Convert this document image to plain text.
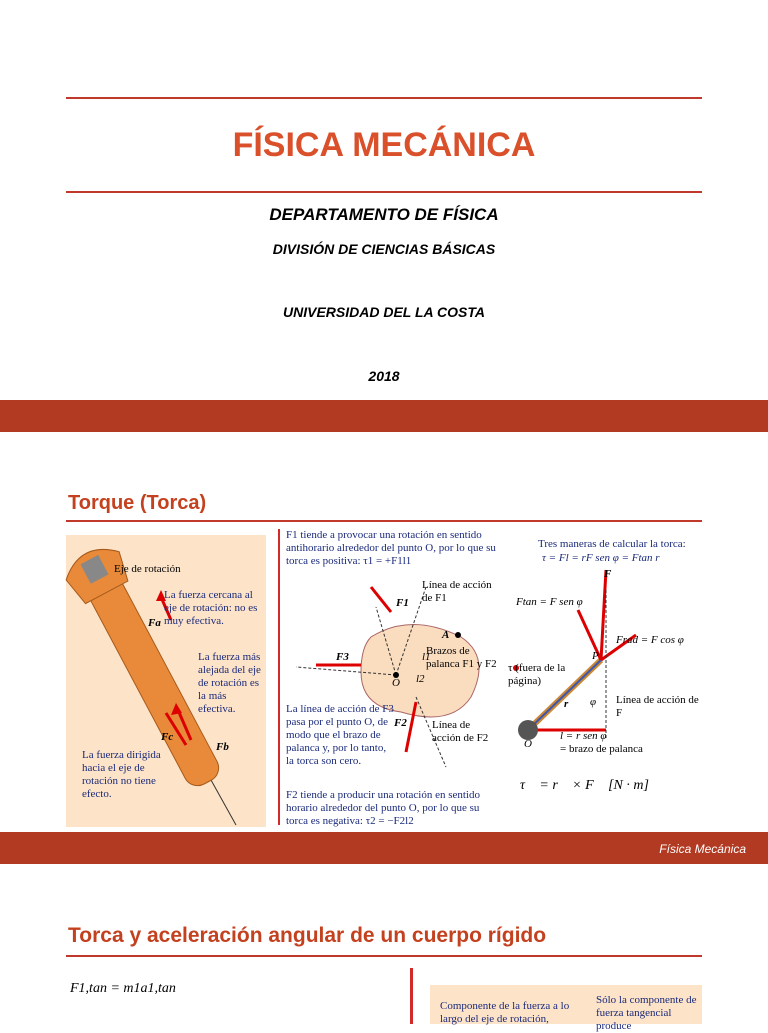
FÍSICA MECÁNICA
DEPARTAMENTO DE FÍSICA
DIVISIÓN DE CIENCIAS BÁSICAS
UNIVERSIDAD DEL LA COSTA
2018
Torque (Torca)
Eje de rotación
La fuerza cercana al eje de rotación: no es muy efectiva.
La fuerza más alejada del eje de rotación es la más efectiva.
La fuerza dirigida hacia el eje de rotación no tiene efecto.
Fa
Fb
Fc
F1 tiende a provocar una rotación en sentido antihorario alrededor del punto O, por lo que su torca es positiva: τ1 = +F1l1
Línea de acción de F1
A
Brazos de palanca F1 y F2
F1
F3
F2
O
l1
l2
La línea de acción de F3 pasa por el punto O, de modo que el brazo de palanca y, por lo tanto, la torca son cero.
Línea de acción de F2
F2 tiende a producir una rotación en sentido horario alrededor del punto O, por lo que su torca es negativa: τ2 = −F2l2
Tres maneras de calcular la torca:
τ = Fl = rF sen φ = Ftan r
F
Ftan = F sen φ
Frad = F cos φ
τ (fuera de la página)
Línea de acción de F
φ
P
r
O
l = r sen φ
= brazo de palanca
τ⃗ = r⃗ × F⃗ [N · m]
Física Mecánica
Torca y aceleración angular de un cuerpo rígido
F1,tan = m1a1,tan
Componente de la fuerza a lo largo del eje de rotación,
Sólo la componente de fuerza tangencial produce
